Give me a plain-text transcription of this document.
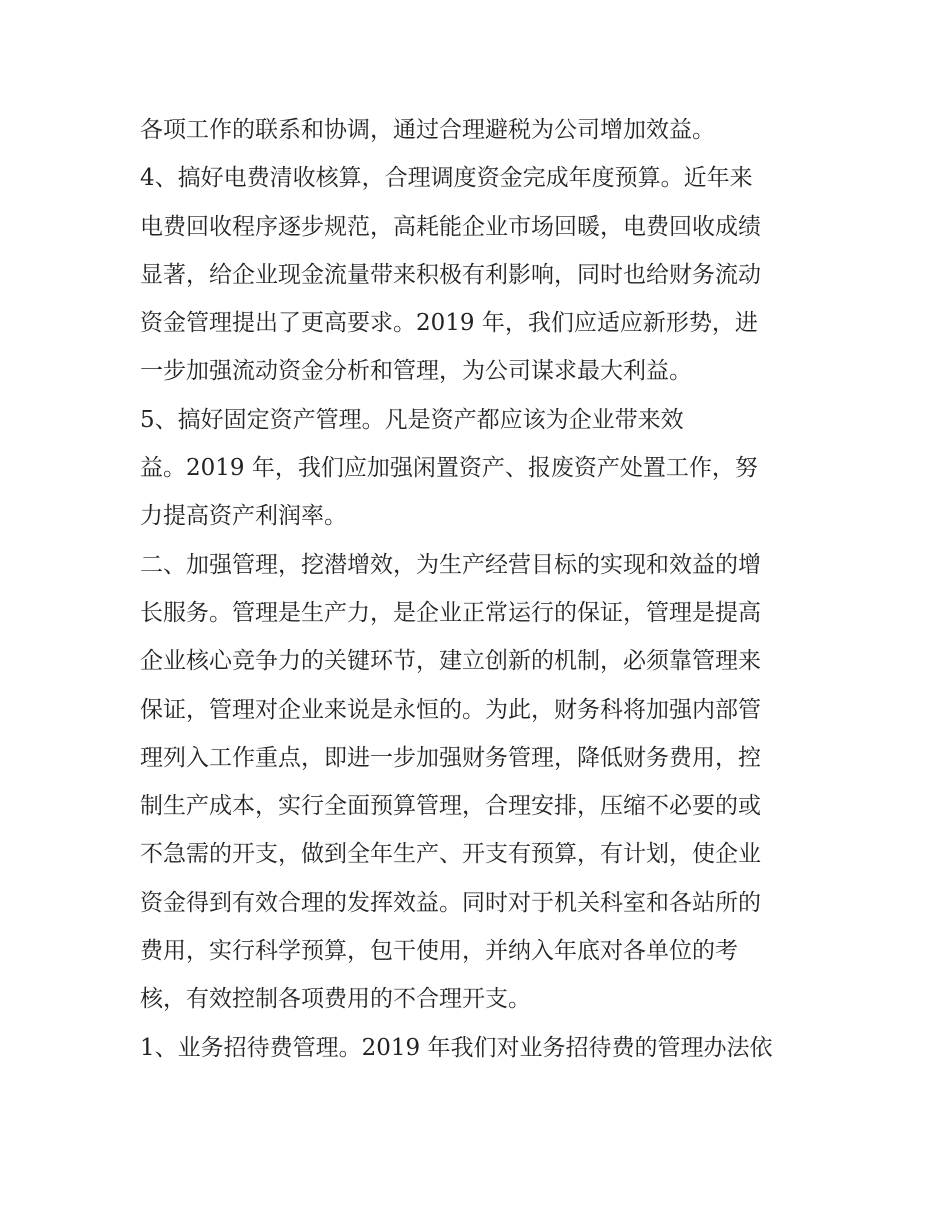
各项工作的联系和协调，通过合理避税为公司增加效益。
4、搞好电费清收核算，合理调度资金完成年度预算。近年来
电费回收程序逐步规范，高耗能企业市场回暖，电费回收成绩
显著，给企业现金流量带来积极有利影响，同时也给财务流动
资金管理提出了更高要求。2019 年，我们应适应新形势，进
一步加强流动资金分析和管理，为公司谋求最大利益。
5、搞好固定资产管理。凡是资产都应该为企业带来效
益。2019 年，我们应加强闲置资产、报废资产处置工作，努
力提高资产利润率。
二、加强管理，挖潜增效，为生产经营目标的实现和效益的增
长服务。管理是生产力，是企业正常运行的保证，管理是提高
企业核心竞争力的关键环节，建立创新的机制，必须靠管理来
保证，管理对企业来说是永恒的。为此，财务科将加强内部管
理列入工作重点，即进一步加强财务管理，降低财务费用，控
制生产成本，实行全面预算管理，合理安排，压缩不必要的或
不急需的开支，做到全年生产、开支有预算，有计划，使企业
资金得到有效合理的发挥效益。同时对于机关科室和各站所的
费用，实行科学预算，包干使用，并纳入年底对各单位的考
核，有效控制各项费用的不合理开支。
1、业务招待费管理。2019 年我们对业务招待费的管理办法依
